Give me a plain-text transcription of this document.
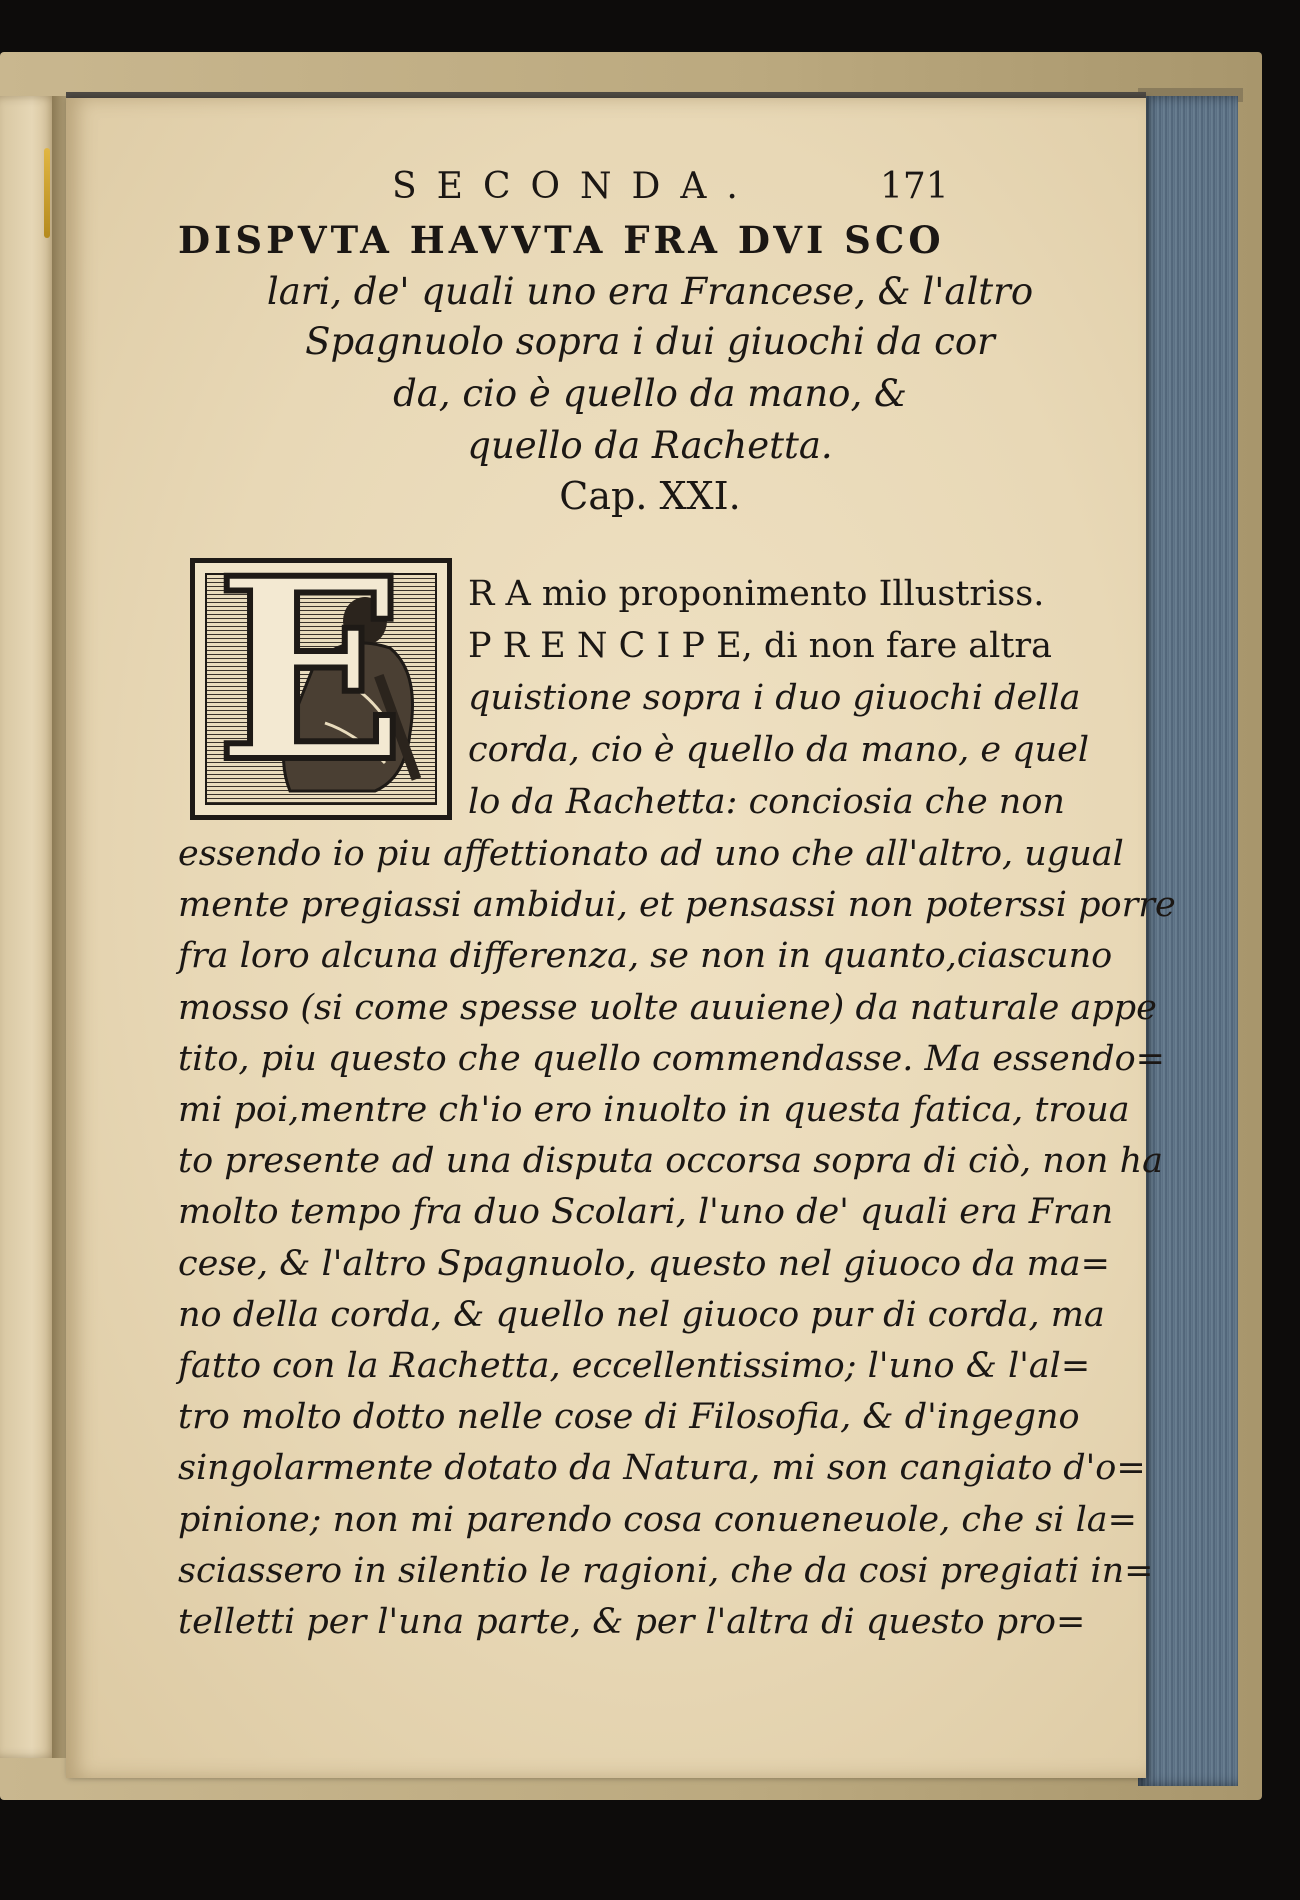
SECONDA.	171
DISPVTA HAVVTA FRA DVI SCO
lari, de' quali uno era Francese, & l'altro
Spagnuolo sopra i dui giuochi da cor
da, cio è quello da mano, &
quello da Rachetta.
Cap. XXI.
E R A mio proponimento Illustriss.
P R E N C I P E, di non fare altra
quistione sopra i duo giuochi della
corda, cio è quello da mano, e quel
lo da Rachetta: conciosia che non
essendo io piu affettionato ad uno che all'altro, ugual
mente pregiassi ambidui, et pensassi non poterssi porre
fra loro alcuna differenza, se non in quanto,ciascuno
mosso (si come spesse uolte auuiene) da naturale appe
tito, piu questo che quello commendasse. Ma essendo=
mi poi,mentre ch'io ero inuolto in questa fatica, troua
to presente ad una disputa occorsa sopra di ciò, non ha
molto tempo fra duo Scolari, l'uno de' quali era Fran
cese, & l'altro Spagnuolo, questo nel giuoco da ma=
no della corda, & quello nel giuoco pur di corda, ma
fatto con la Rachetta, eccellentissimo; l'uno & l'al=
tro molto dotto nelle cose di Filosofia, & d'ingegno
singolarmente dotato da Natura, mi son cangiato d'o=
pinione; non mi parendo cosa conueneuole, che si la=
sciassero in silentio le ragioni, che da cosi pregiati in=
telletti per l'una parte, & per l'altra di questo pro=
